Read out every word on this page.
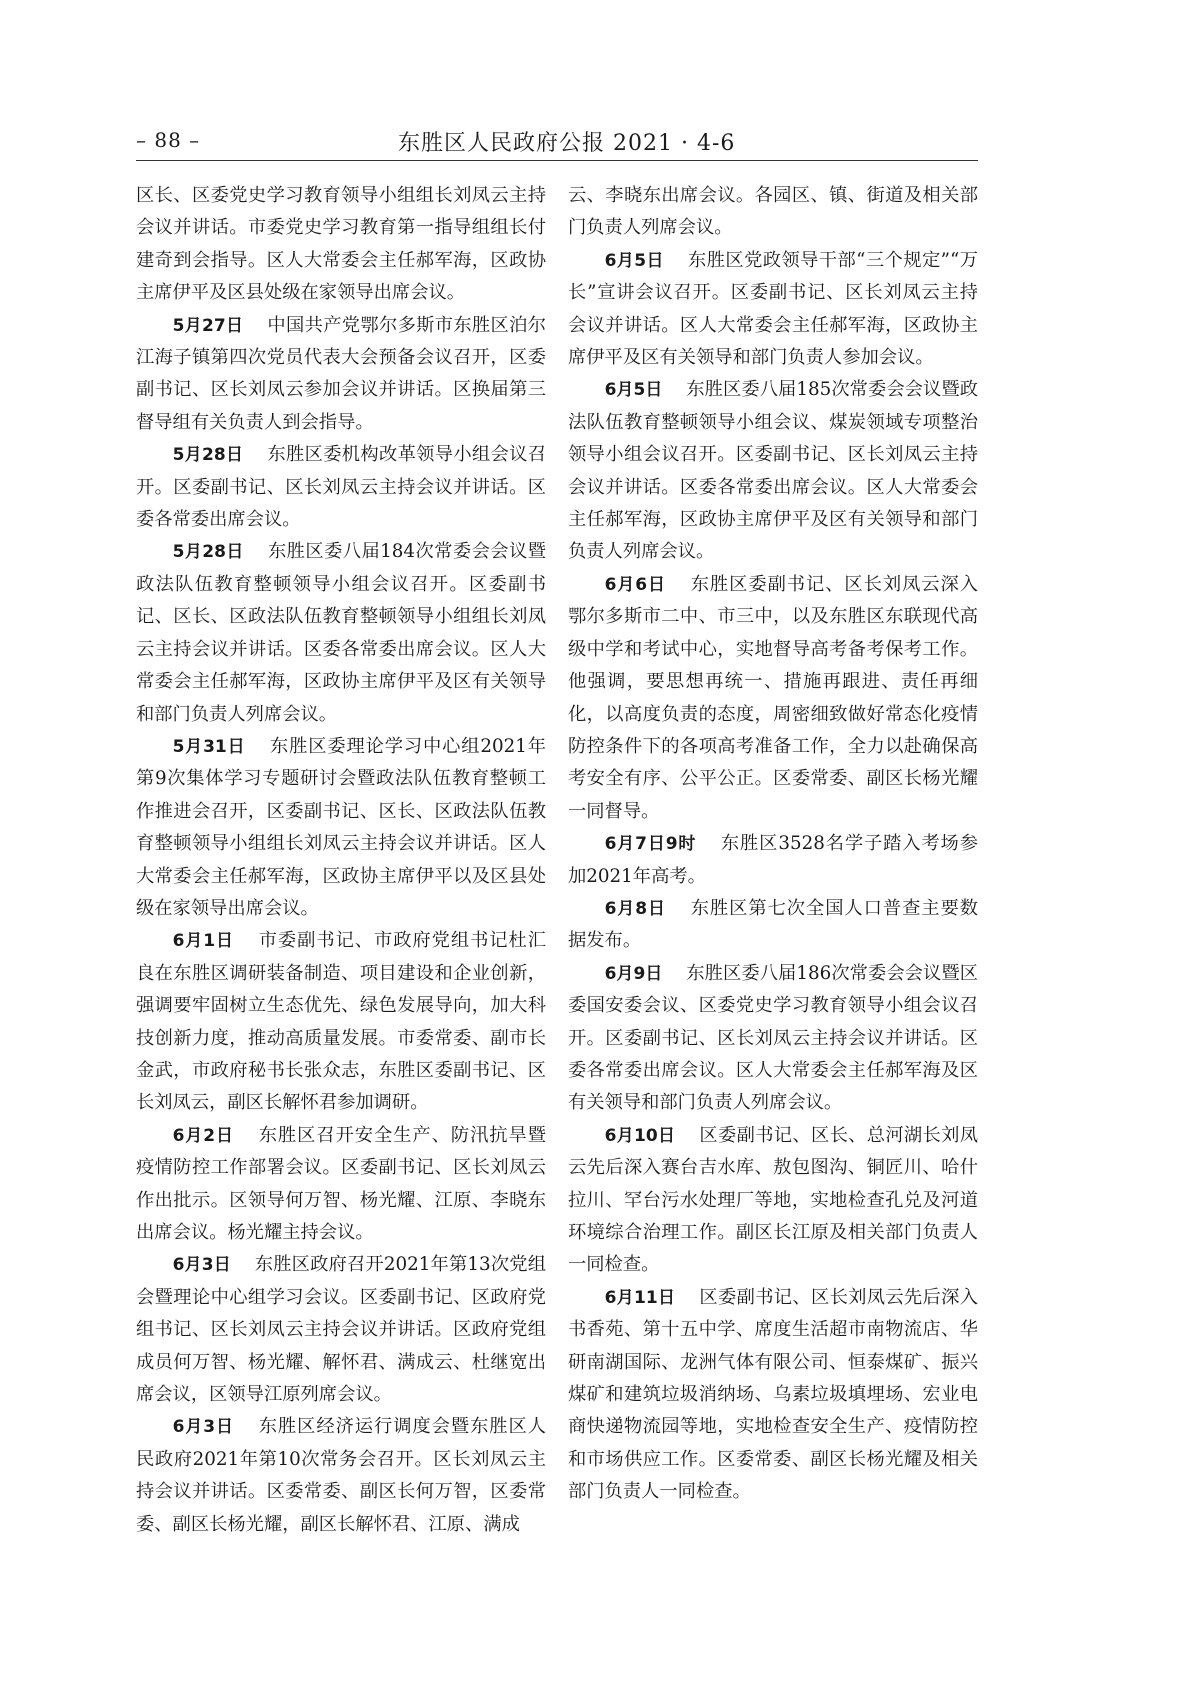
– 88 –	东胜区人民政府公报 2021 · 4-6

区长、区委党史学习教育领导小组组长刘凤云主持会议并讲话。市委党史学习教育第一指导组组长付建奇到会指导。区人大常委会主任郝军海，区政协主席伊平及区县处级在家领导出席会议。

5月27日 中国共产党鄂尔多斯市东胜区泊尔江海子镇第四次党员代表大会预备会议召开，区委副书记、区长刘凤云参加会议并讲话。区换届第三督导组有关负责人到会指导。

5月28日 东胜区委机构改革领导小组会议召开。区委副书记、区长刘凤云主持会议并讲话。区委各常委出席会议。

5月28日 东胜区委八届184次常委会会议暨政法队伍教育整顿领导小组会议召开。区委副书记、区长、区政法队伍教育整顿领导小组组长刘凤云主持会议并讲话。区委各常委出席会议。区人大常委会主任郝军海，区政协主席伊平及区有关领导和部门负责人列席会议。

5月31日 东胜区委理论学习中心组2021年第9次集体学习专题研讨会暨政法队伍教育整顿工作推进会召开，区委副书记、区长、区政法队伍教育整顿领导小组组长刘凤云主持会议并讲话。区人大常委会主任郝军海，区政协主席伊平以及区县处级在家领导出席会议。

6月1日 市委副书记、市政府党组书记杜汇良在东胜区调研装备制造、项目建设和企业创新，强调要牢固树立生态优先、绿色发展导向，加大科技创新力度，推动高质量发展。市委常委、副市长金武，市政府秘书长张众志，东胜区委副书记、区长刘凤云，副区长解怀君参加调研。

6月2日 东胜区召开安全生产、防汛抗旱暨疫情防控工作部署会议。区委副书记、区长刘凤云作出批示。区领导何万智、杨光耀、江原、李晓东出席会议。杨光耀主持会议。

6月3日 东胜区政府召开2021年第13次党组会暨理论中心组学习会议。区委副书记、区政府党组书记、区长刘凤云主持会议并讲话。区政府党组成员何万智、杨光耀、解怀君、满成云、杜继宽出席会议，区领导江原列席会议。

6月3日 东胜区经济运行调度会暨东胜区人民政府2021年第10次常务会召开。区长刘凤云主持会议并讲话。区委常委、副区长何万智，区委常委、副区长杨光耀，副区长解怀君、江原、满成

云、李晓东出席会议。各园区、镇、街道及相关部门负责人列席会议。

6月5日 东胜区党政领导干部“三个规定”“万长”宣讲会议召开。区委副书记、区长刘凤云主持会议并讲话。区人大常委会主任郝军海，区政协主席伊平及区有关领导和部门负责人参加会议。

6月5日 东胜区委八届185次常委会会议暨政法队伍教育整顿领导小组会议、煤炭领域专项整治领导小组会议召开。区委副书记、区长刘凤云主持会议并讲话。区委各常委出席会议。区人大常委会主任郝军海，区政协主席伊平及区有关领导和部门负责人列席会议。

6月6日 东胜区委副书记、区长刘凤云深入鄂尔多斯市二中、市三中，以及东胜区东联现代高级中学和考试中心，实地督导高考备考保考工作。他强调，要思想再统一、措施再跟进、责任再细化，以高度负责的态度，周密细致做好常态化疫情防控条件下的各项高考准备工作，全力以赴确保高考安全有序、公平公正。区委常委、副区长杨光耀一同督导。

6月7日9时 东胜区3528名学子踏入考场参加2021年高考。

6月8日 东胜区第七次全国人口普查主要数据发布。

6月9日 东胜区委八届186次常委会会议暨区委国安委会议、区委党史学习教育领导小组会议召开。区委副书记、区长刘凤云主持会议并讲话。区委各常委出席会议。区人大常委会主任郝军海及区有关领导和部门负责人列席会议。

6月10日 区委副书记、区长、总河湖长刘凤云先后深入赛台吉水库、敖包图沟、铜匠川、哈什拉川、罕台污水处理厂等地，实地检查孔兑及河道环境综合治理工作。副区长江原及相关部门负责人一同检查。

6月11日 区委副书记、区长刘凤云先后深入书香苑、第十五中学、席度生活超市南物流店、华研南湖国际、龙洲气体有限公司、恒泰煤矿、振兴煤矿和建筑垃圾消纳场、乌素垃圾填埋场、宏业电商快递物流园等地，实地检查安全生产、疫情防控和市场供应工作。区委常委、副区长杨光耀及相关部门负责人一同检查。
